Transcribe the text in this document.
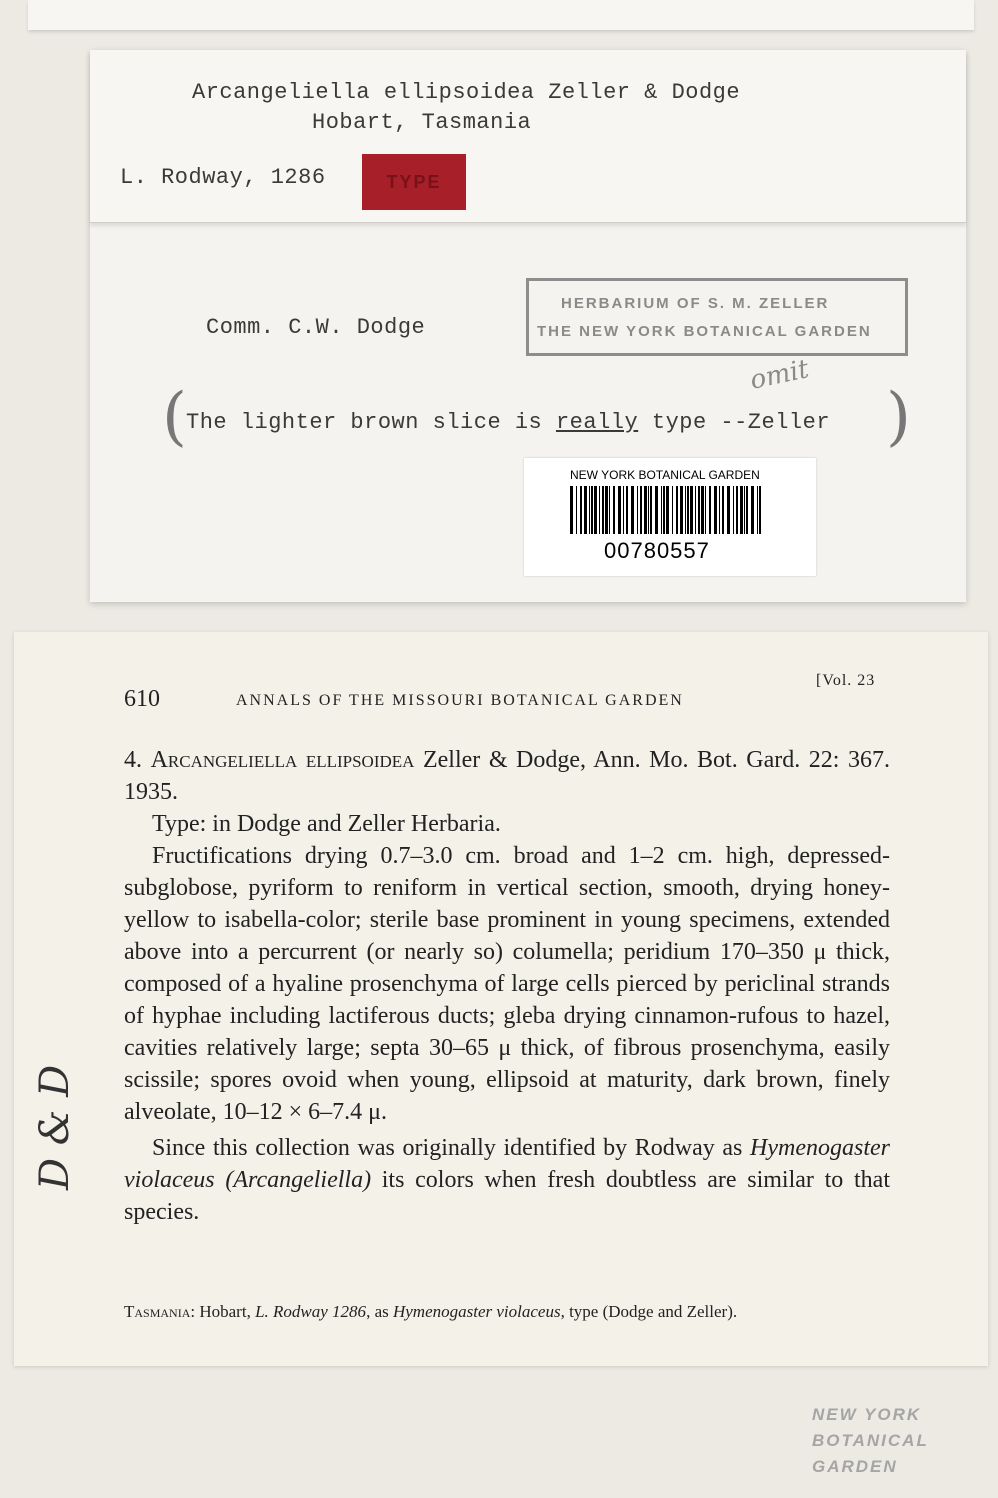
Arcangeliella ellipsoidea Zeller & Dodge
Hobart, Tasmania
L. Rodway, 1286	TYPE
Comm. C.W. Dodge
HERBARIUM OF S. M. ZELLER
THE NEW YORK BOTANICAL GARDEN
omit
( The lighter brown slice is really type --Zeller )
NEW YORK BOTANICAL GARDEN
00780557
610	ANNALS OF THE MISSOURI BOTANICAL GARDEN
[Vol. 23

4. Arcangeliella ellipsoidea Zeller & Dodge, Ann. Mo. Bot. Gard. 22: 367. 1935.

Type: in Dodge and Zeller Herbaria.

Fructifications drying 0.7–3.0 cm. broad and 1–2 cm. high, depressed-subglobose, pyriform to reniform in vertical section, smooth, drying honey-yellow to isabella-color; sterile base prominent in young specimens, extended above into a percurrent (or nearly so) columella; peridium 170–350 μ thick, composed of a hyaline prosenchyma of large cells pierced by periclinal strands of hyphae including lactiferous ducts; gleba drying cinnamon-rufous to hazel, cavities relatively large; septa 30–65 μ thick, of fibrous prosenchyma, easily scissile; spores ovoid when young, ellipsoid at maturity, dark brown, finely alveolate, 10–12 × 6–7.4 μ.

Since this collection was originally identified by Rodway as Hymenogaster violaceus (Arcangeliella) its colors when fresh doubtless are similar to that species.

Tasmania: Hobart, L. Rodway 1286, as Hymenogaster violaceus, type (Dodge and Zeller).
D & D
NEW YORK
BOTANICAL
GARDEN
